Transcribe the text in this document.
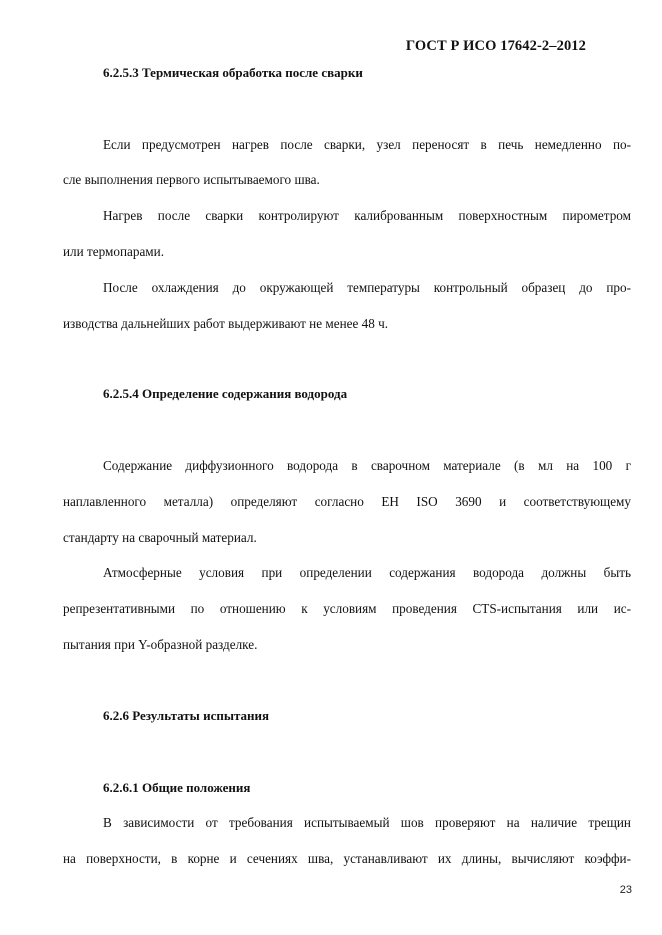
ГОСТ Р ИСО 17642-2–2012
6.2.5.3 Термическая обработка после сварки
Если предусмотрен нагрев после сварки, узел переносят в печь немедленно по-
сле выполнения первого испытываемого шва.
Нагрев после сварки контролируют калиброванным поверхностным пирометром
или термопарами.
После охлаждения до окружающей температуры контрольный образец до про-
изводства дальнейших работ выдерживают не менее 48 ч.
6.2.5.4 Определение содержания водорода
Содержание диффузионного водорода в сварочном материале (в мл на 100 г
наплавленного металла) определяют согласно ЕН ISO 3690 и соответствующему
стандарту на сварочный материал.
Атмосферные условия при определении содержания водорода должны быть
репрезентативными по отношению к условиям проведения CTS-испытания или ис-
пытания при Y-образной разделке.
6.2.6 Результаты испытания
6.2.6.1 Общие положения
В зависимости от требования испытываемый шов проверяют на наличие трещин
на поверхности, в корне и сечениях шва, устанавливают их длины, вычисляют коэффи-
23
